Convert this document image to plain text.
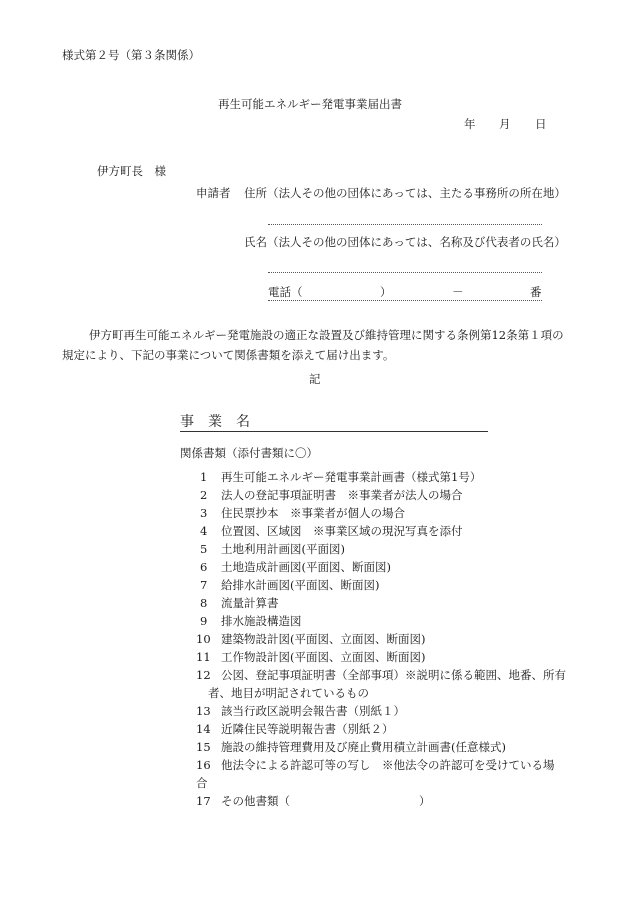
様式第２号（第３条関係）
再生可能エネルギー発電事業届出書
年 月 日
伊方町長　様
申請者 住所（法人その他の団体にあっては、主たる事務所の所在地）
氏名（法人その他の団体にあっては、名称及び代表者の氏名）
電話（	）	－	番
伊方町再生可能エネルギー発電施設の適正な設置及び維持管理に関する条例第12条第１項の
規定により、下記の事業について関係書類を添えて届け出ます。
記
事業名
関係書類（添付書類に〇）
1 再生可能エネルギー発電事業計画書（様式第1号）
2 法人の登記事項証明書　※事業者が法人の場合
3 住民票抄本　※事業者が個人の場合
4 位置図、区域図　※事業区域の現況写真を添付
5 土地利用計画図(平面図)
6 土地造成計画図(平面図、断面図)
7 給排水計画図(平面図、断面図)
8 流量計算書
9 排水施設構造図
10 建築物設計図(平面図、立面図、断面図)
11 工作物設計図(平面図、立面図、断面図)
12 公図、登記事項証明書（全部事項）※説明に係る範囲、地番、所有
者、地目が明記されているもの
13 該当行政区説明会報告書（別紙１）
14 近隣住民等説明報告書（別紙２）
15 施設の維持管理費用及び廃止費用積立計画書(任意様式)
16 他法令による許認可等の写し　※他法令の許認可を受けている場
合
17 その他書類（	）
